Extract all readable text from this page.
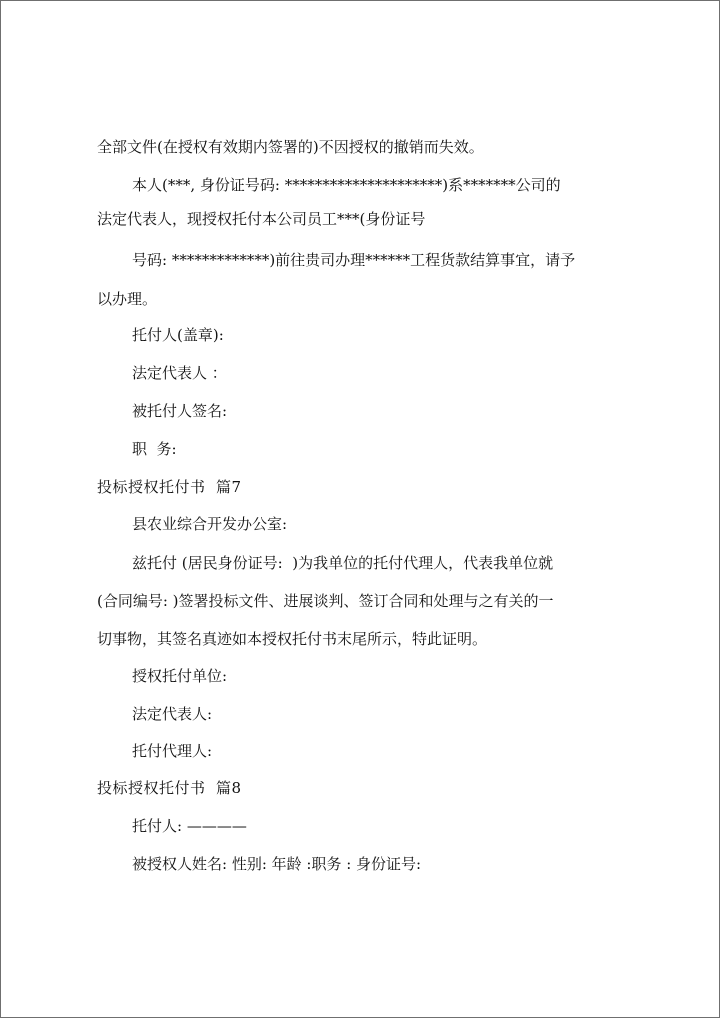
全部文件(在授权有效期内签署的)不因授权的撤销而失效。
本人(***, 身份证号码: *********************)系*******公司的
法定代表人，现授权托付本公司员工***(身份证号
号码: *************)前往贵司办理******工程货款结算事宜，请予
以办理。
托付人(盖章):
法定代表人 ：
被托付人签名:
职  务:
投标授权托付书  篇7
县农业综合开发办公室:
兹托付 (居民身份证号:  )为我单位的托付代理人，代表我单位就
(合同编号: )签署投标文件、进展谈判、签订合同和处理与之有关的一
切事物，其签名真迹如本授权托付书末尾所示，特此证明。
授权托付单位:
法定代表人:
托付代理人:
投标授权托付书  篇8
托付人: ————
被授权人姓名: 性别: 年龄 :职务 : 身份证号:
